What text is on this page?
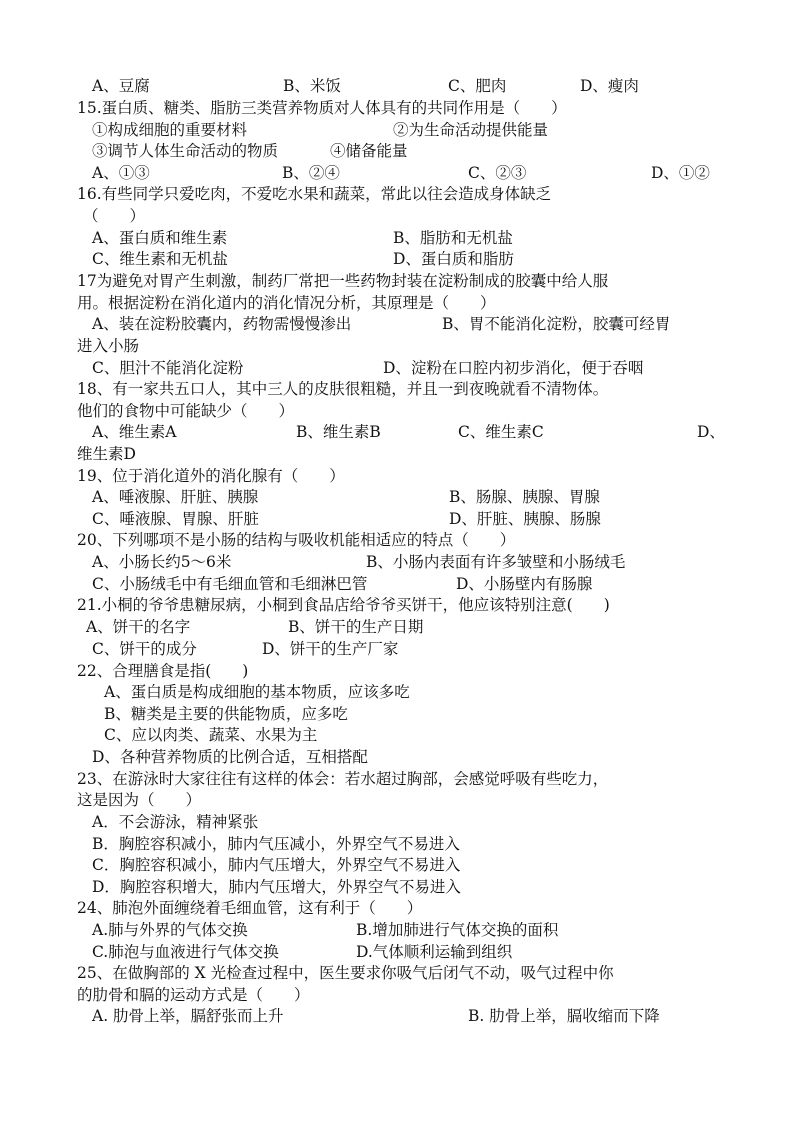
A、豆腐	B、米饭	C、肥肉	D、瘦肉
15.蛋白质、糖类、脂肪三类营养物质对人体具有的共同作用是（　　）
①构成细胞的重要材料	②为生命活动提供能量
③调节人体生命活动的物质	④储备能量
A、①③	B、②④	C、②③	D、①②
16.有些同学只爱吃肉，不爱吃水果和蔬菜，常此以往会造成身体缺乏
（　　）
A、蛋白质和维生素	B、脂肪和无机盐
C、维生素和无机盐	D、蛋白质和脂肪
17为避免对胃产生刺激，制药厂常把一些药物封装在淀粉制成的胶囊中给人服
用。根据淀粉在消化道内的消化情况分析，其原理是（　　）
A、装在淀粉胶囊内，药物需慢慢渗出	B、胃不能消化淀粉，胶囊可经胃
进入小肠
C、胆汁不能消化淀粉	D、淀粉在口腔内初步消化，便于吞咽
18、有一家共五口人，其中三人的皮肤很粗糙，并且一到夜晚就看不清物体。
他们的食物中可能缺少（　　）
A、维生素A	B、维生素B	C、维生素C	D、
维生素D
19、位于消化道外的消化腺有（　　）
A、唾液腺、肝脏、胰腺	B、肠腺、胰腺、胃腺
C、唾液腺、胃腺、肝脏	D、肝脏、胰腺、肠腺
20、下列哪项不是小肠的结构与吸收机能相适应的特点（　　）
A、小肠长约5～6米	B、小肠内表面有许多皱壁和小肠绒毛
C、小肠绒毛中有毛细血管和毛细淋巴管	D、小肠壁内有肠腺
21.小桐的爷爷患糖尿病，小桐到食品店给爷爷买饼干，他应该特别注意(　　)
A、饼干的名字	B、饼干的生产日期
C、饼干的成分	D、饼干的生产厂家
22、合理膳食是指(　　)
A、蛋白质是构成细胞的基本物质，应该多吃
B、糖类是主要的供能物质，应多吃
C、应以肉类、蔬菜、水果为主
D、各种营养物质的比例合适，互相搭配
23、在游泳时大家往往有这样的体会：若水超过胸部，会感觉呼吸有些吃力，
这是因为（　　）
A．不会游泳，精神紧张
B．胸腔容积减小，肺内气压减小，外界空气不易进入
C．胸腔容积减小，肺内气压增大，外界空气不易进入
D．胸腔容积增大，肺内气压增大，外界空气不易进入
24、肺泡外面缠绕着毛细血管，这有利于（　　）
A.肺与外界的气体交换	B.增加肺进行气体交换的面积
C.肺泡与血液进行气体交换	D.气体顺利运输到组织
25、在做胸部的 X 光检查过程中，医生要求你吸气后闭气不动，吸气过程中你
的肋骨和膈的运动方式是（　　）
A. 肋骨上举，膈舒张而上升	B. 肋骨上举，膈收缩而下降
